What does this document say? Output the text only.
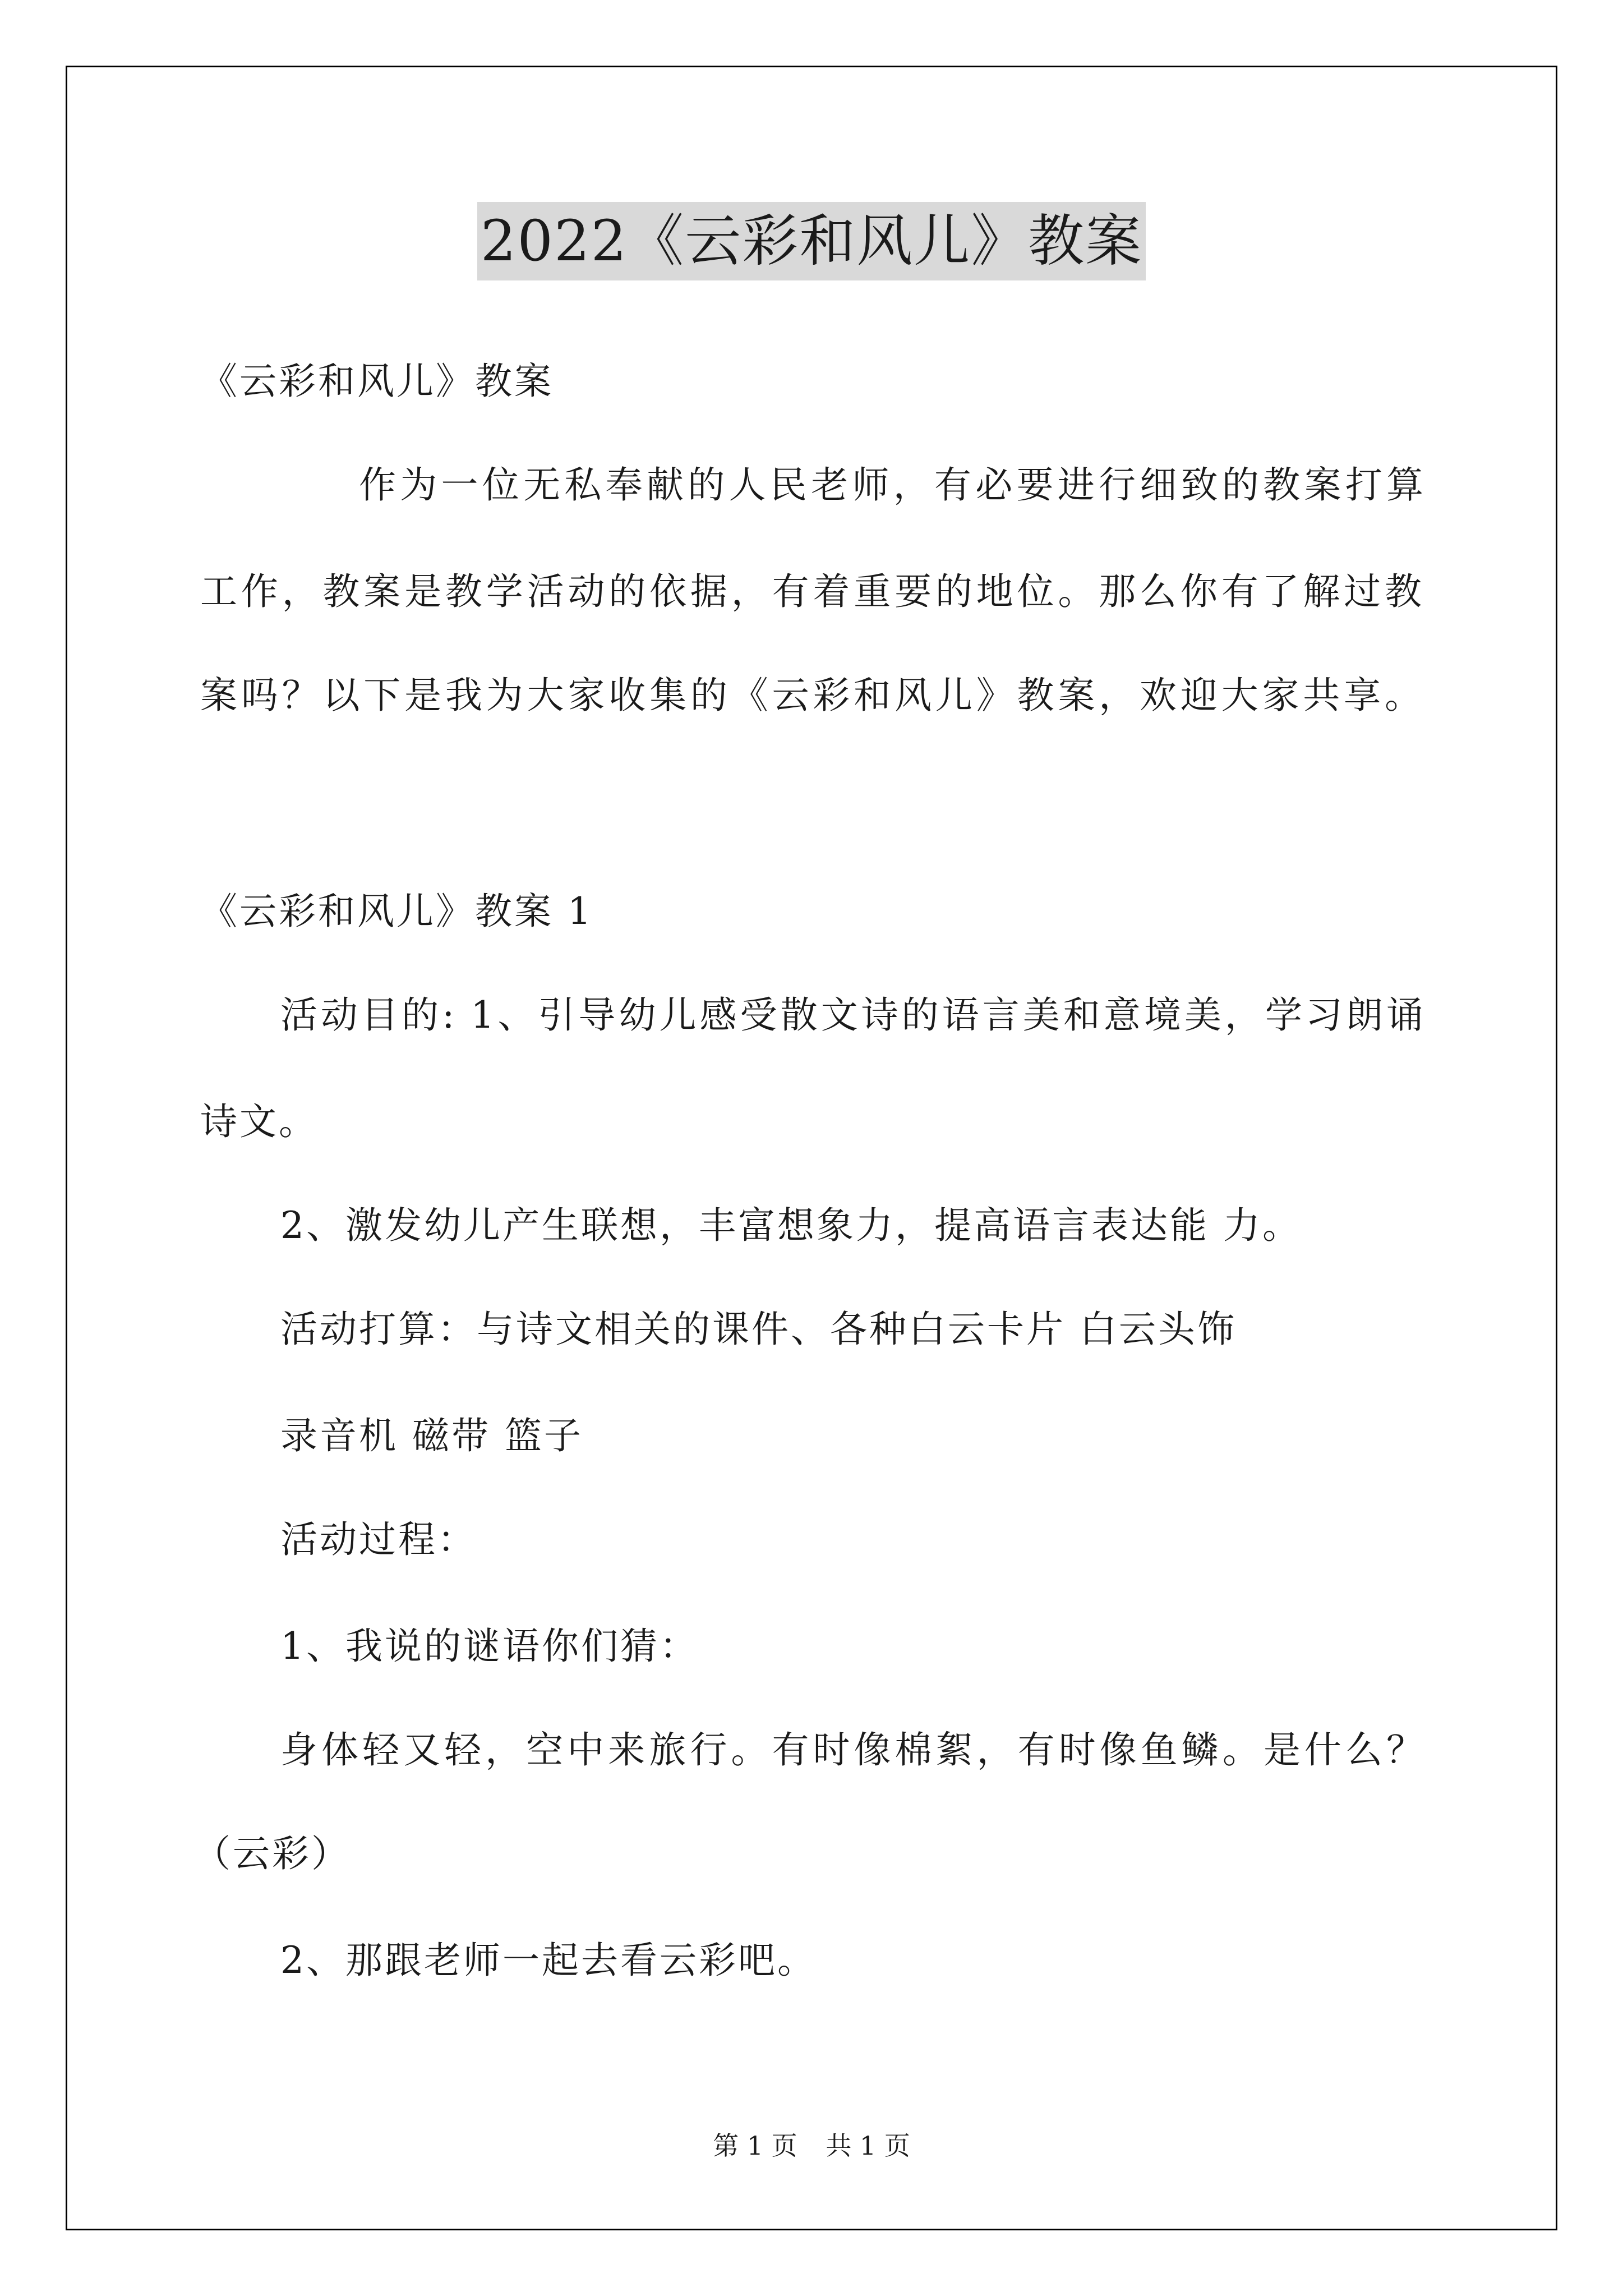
2022《云彩和风儿》教案
《云彩和风儿》教案
作为一位无私奉献的人民老师，有必要进行细致的教案打算
工作，教案是教学活动的依据，有着重要的地位。那么你有了解过教
案吗？以下是我为大家收集的《云彩和风儿》教案，欢迎大家共享。
《云彩和风儿》教案 1
活动目的: 1、引导幼儿感受散文诗的语言美和意境美，学习朗诵
诗文。
2、激发幼儿产生联想，丰富想象力，提高语言表达能 力。
活动打算：与诗文相关的课件、各种白云卡片 白云头饰
录音机 磁带 篮子
活动过程：
1、我说的谜语你们猜：
身体轻又轻，空中来旅行。有时像棉絮，有时像鱼鳞。是什么？
（云彩）
2、那跟老师一起去看云彩吧。
第 1 页 共 1 页
